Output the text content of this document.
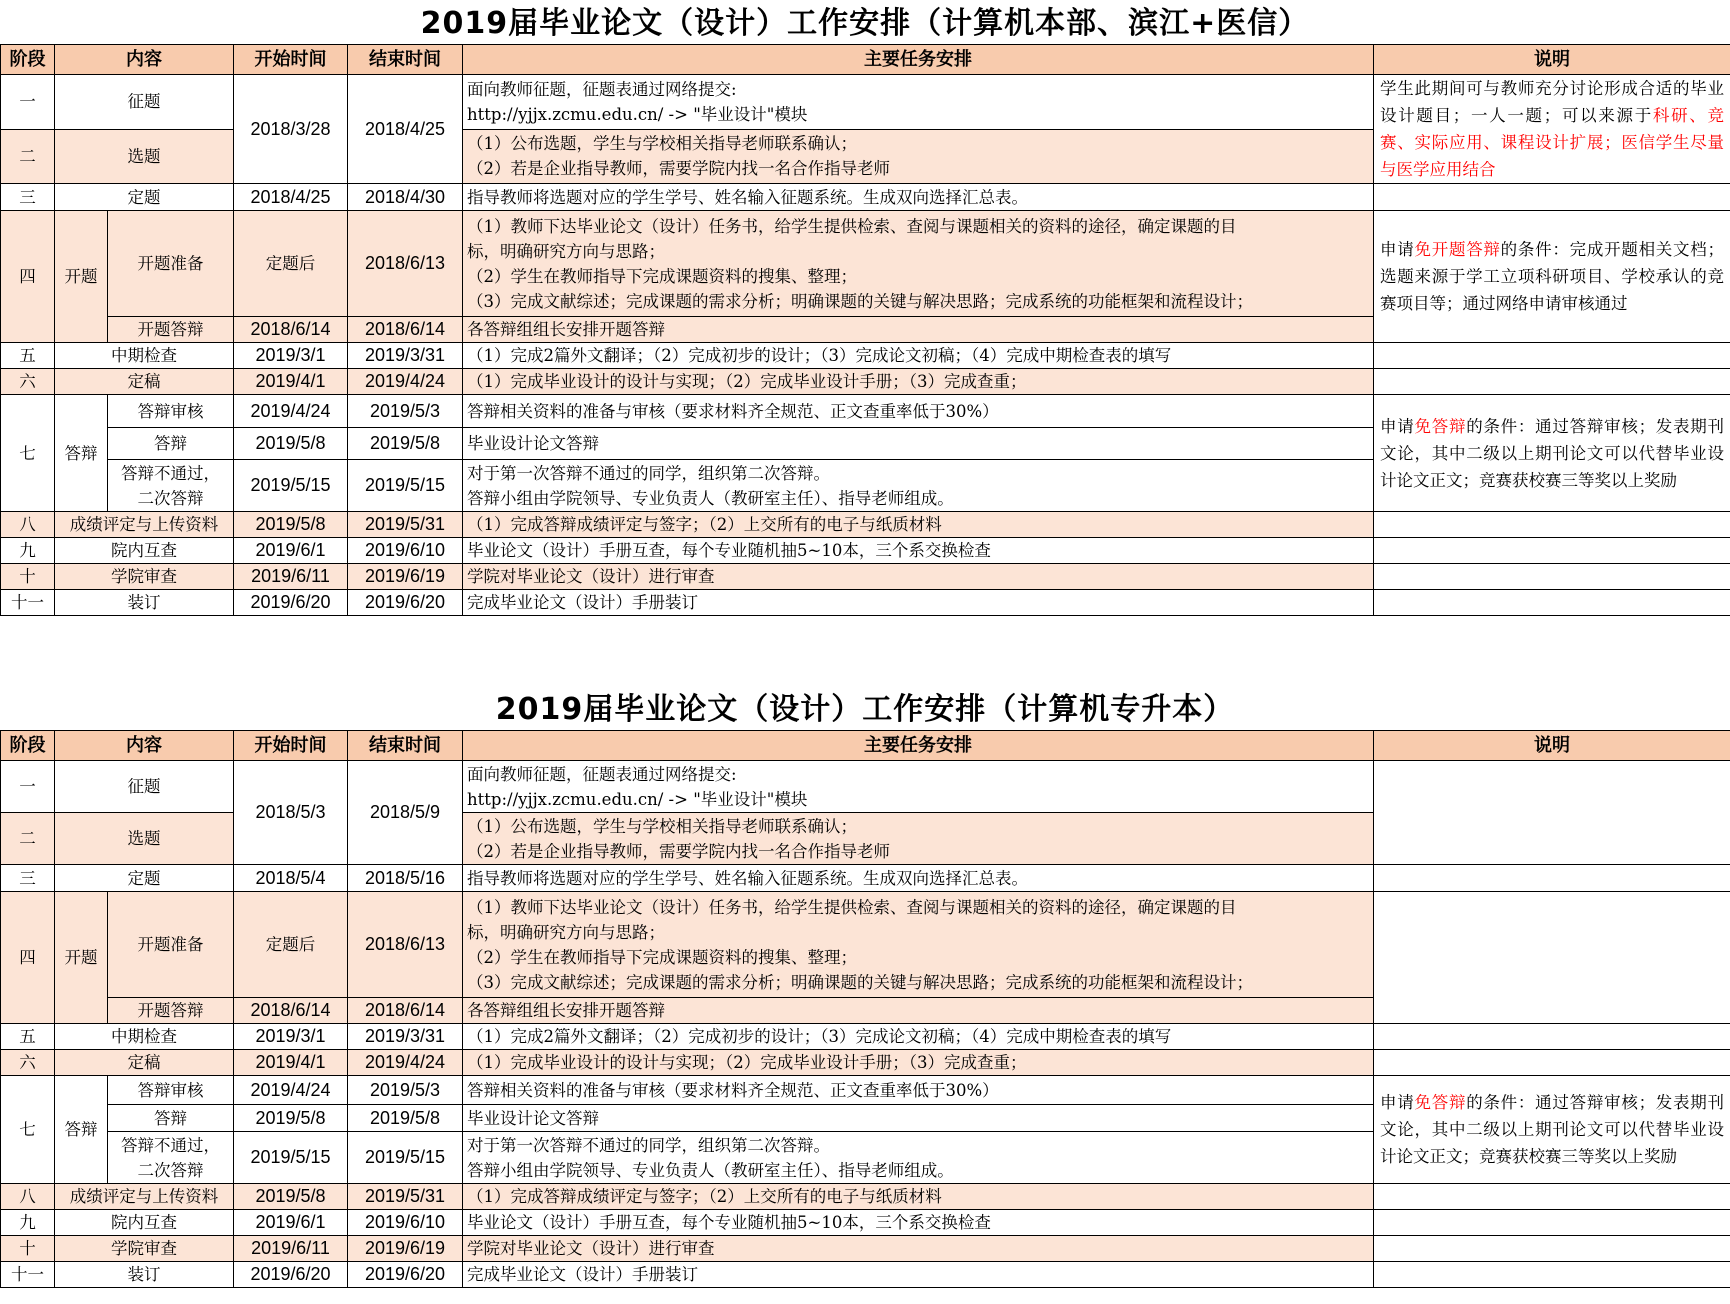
2019届毕业论文（设计）工作安排（计算机本部、滨江+医信）
阶段	内容		开始时间	结束时间	主要任务安排	说明
一	征题		2018/3/28	2018/4/25	面向教师征题，征题表通过网络提交:
http://yjjx.zcmu.edu.cn/ -> "毕业设计"模块	学生此期间可与教师充分讨论形成合适的毕业设计题目；一人一题；可以来源于科研、竞赛、实际应用、课程设计扩展；医信学生尽量与医学应用结合
二	选题				（1）公布选题，学生与学校相关指导老师联系确认；
（2）若是企业指导教师，需要学院内找一名合作指导老师	

三	定题		2018/4/25	2018/4/30	指导教师将选题对应的学生学号、姓名输入征题系统。生成双向选择汇总表。	
四	开题	开题准备	定题后	2018/6/13	（1）教师下达毕业论文（设计）任务书，给学生提供检索、查阅与课题相关的资料的途径，确定课题的目
标，明确研究方向与思路；
（2）学生在教师指导下完成课题资料的搜集、整理；
（3）完成文献综述；完成课题的需求分析；明确课题的关键与解决思路；完成系统的功能框架和流程设计；	申请免开题答辩的条件：完成开题相关文档；选题来源于学工立项科研项目、学校承认的竞赛项目等；通过网络申请审核通过
		开题答辩	2018/6/14	2018/6/14	各答辩组组长安排开题答辩	
五	中期检查		2019/3/1	2019/3/31	（1）完成2篇外文翻译；（2）完成初步的设计；（3）完成论文初稿；（4）完成中期检查表的填写	
六	定稿		2019/4/1	2019/4/24	（1）完成毕业设计的设计与实现；（2）完成毕业设计手册；（3）完成查重；	
七	答辩	答辩审核	2019/4/24	2019/5/3	答辩相关资料的准备与审核（要求材料齐全规范、正文查重率低于30%）	申请免答辩的条件：通过答辩审核；发表期刊文论，其中二级以上期刊论文可以代替毕业设计论文正文；竞赛获校赛三等奖以上奖励
		答辩	2019/5/8	2019/5/8	毕业设计论文答辩	

		答辩不通过，
二次答辩	2019/5/15	2019/5/15	对于第一次答辩不通过的同学，组织第二次答辩。
答辩小组由学院领导、专业负责人（教研室主任）、指导老师组成。	

八	成绩评定与上传资料		2019/5/8	2019/5/31	（1）完成答辩成绩评定与签字；（2）上交所有的电子与纸质材料	
九	院内互查		2019/6/1	2019/6/10	毕业论文（设计）手册互查，每个专业随机抽5~10本，三个系交换检查	
十	学院审查		2019/6/11	2019/6/19	学院对毕业论文（设计）进行审查	
十一	装订		2019/6/20	2019/6/20	完成毕业论文（设计）手册装订	
2019届毕业论文（设计）工作安排（计算机专升本）
阶段	内容		开始时间	结束时间	主要任务安排	说明
一	征题		2018/5/3	2018/5/9	面向教师征题，征题表通过网络提交:
http://yjjx.zcmu.edu.cn/ -> "毕业设计"模块	

二	选题				（1）公布选题，学生与学校相关指导老师联系确认；
（2）若是企业指导教师，需要学院内找一名合作指导老师	

三	定题		2018/5/4	2018/5/16	指导教师将选题对应的学生学号、姓名输入征题系统。生成双向选择汇总表。	
四	开题	开题准备	定题后	2018/6/13	（1）教师下达毕业论文（设计）任务书，给学生提供检索、查阅与课题相关的资料的途径，确定课题的目
标，明确研究方向与思路；
（2）学生在教师指导下完成课题资料的搜集、整理；
（3）完成文献综述；完成课题的需求分析；明确课题的关键与解决思路；完成系统的功能框架和流程设计；	

		开题答辩	2018/6/14	2018/6/14	各答辩组组长安排开题答辩	
五	中期检查		2019/3/1	2019/3/31	（1）完成2篇外文翻译；（2）完成初步的设计；（3）完成论文初稿；（4）完成中期检查表的填写	
六	定稿		2019/4/1	2019/4/24	（1）完成毕业设计的设计与实现；（2）完成毕业设计手册；（3）完成查重；	
七	答辩	答辩审核	2019/4/24	2019/5/3	答辩相关资料的准备与审核（要求材料齐全规范、正文查重率低于30%）	申请免答辩的条件：通过答辩审核；发表期刊文论，其中二级以上期刊论文可以代替毕业设计论文正文；竞赛获校赛三等奖以上奖励
		答辩	2019/5/8	2019/5/8	毕业设计论文答辩	

		答辩不通过，
二次答辩	2019/5/15	2019/5/15	对于第一次答辩不通过的同学，组织第二次答辩。
答辩小组由学院领导、专业负责人（教研室主任）、指导老师组成。	

八	成绩评定与上传资料		2019/5/8	2019/5/31	（1）完成答辩成绩评定与签字；（2）上交所有的电子与纸质材料	
九	院内互查		2019/6/1	2019/6/10	毕业论文（设计）手册互查，每个专业随机抽5~10本，三个系交换检查	
十	学院审查		2019/6/11	2019/6/19	学院对毕业论文（设计）进行审查	
十一	装订		2019/6/20	2019/6/20	完成毕业论文（设计）手册装订	
